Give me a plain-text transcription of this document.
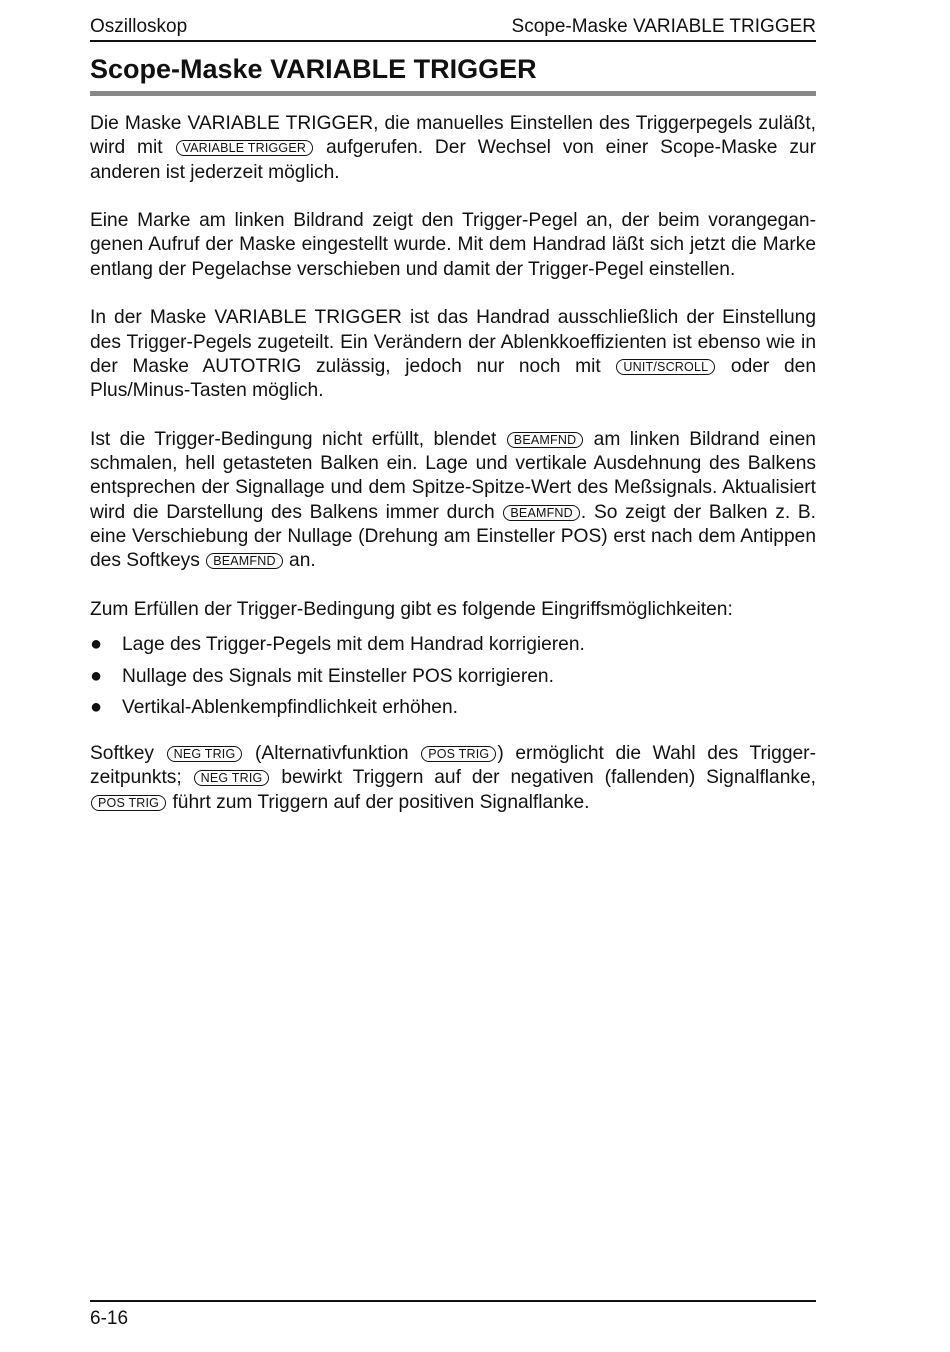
Oszilloskop	Scope-Maske VARIABLE TRIGGER
Scope-Maske VARIABLE TRIGGER

Die Maske VARIABLE TRIGGER, die manuelles Einstellen des Triggerpegels zuläßt, wird mit VARIABLE TRIGGER aufgerufen. Der Wechsel von einer Scope-Maske zur anderen ist jederzeit möglich.

Eine Marke am linken Bildrand zeigt den Trigger-Pegel an, der beim vorangegangenen Aufruf der Maske eingestellt wurde. Mit dem Handrad läßt sich jetzt die Marke entlang der Pegelachse verschieben und damit der Trigger-Pegel einstellen.

In der Maske VARIABLE TRIGGER ist das Handrad ausschließlich der Einstellung des Trigger-Pegels zugeteilt. Ein Verändern der Ablenkkoeffizienten ist ebenso wie in der Maske AUTOTRIG zulässig, jedoch nur noch mit UNIT/SCROLL oder den Plus/Minus-Tasten möglich.

Ist die Trigger-Bedingung nicht erfüllt, blendet BEAMFND am linken Bildrand einen schmalen, hell getasteten Balken ein. Lage und vertikale Ausdehnung des Balkens entsprechen der Signallage und dem Spitze-Spitze-Wert des Meßsignals. Aktualisiert wird die Darstellung des Balkens immer durch BEAMFND . So zeigt der Balken z. B. eine Verschiebung der Nullage (Drehung am Einsteller POS) erst nach dem Antippen des Softkeys BEAMFND an.

Zum Erfüllen der Trigger-Bedingung gibt es folgende Eingriffsmöglichkeiten:

●	Lage des Trigger-Pegels mit dem Handrad korrigieren.
●	Nullage des Signals mit Einsteller POS korrigieren.
●	Vertikal-Ablenkempfindlichkeit erhöhen.

Softkey NEG TRIG (Alternativfunktion POS TRIG ) ermöglicht die Wahl des Triggerzeitpunkts; NEG TRIG bewirkt Triggern auf der negativen (fallenden) Signalflanke, POS TRIG führt zum Triggern auf der positiven Signalflanke.

6-16
